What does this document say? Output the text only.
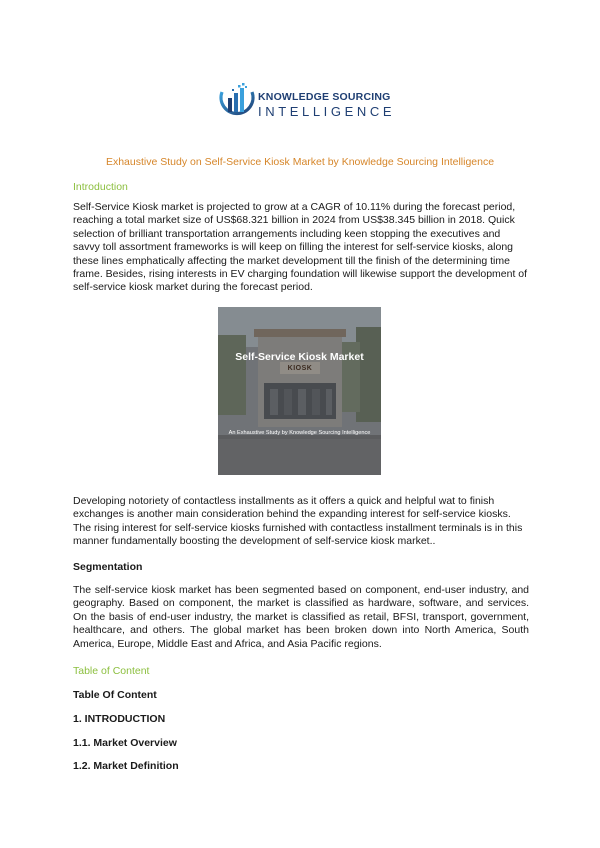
KNOWLEDGE SOURCING
INTELLIGENCE
Exhaustive Study on Self-Service Kiosk Market by Knowledge Sourcing Intelligence
Introduction

Self-Service Kiosk market is projected to grow at a CAGR of 10.11% during the forecast period, reaching a total market size of US$68.321 billion in 2024 from US$38.345 billion in 2018. Quick selection of brilliant transportation arrangements including keen stopping the executives and savvy toll assortment frameworks is will keep on filling the interest for self-service kiosks, along these lines emphatically affecting the market development till the finish of the determining time frame. Besides, rising interests in EV charging foundation will likewise support the development of self-service kiosk market during the forecast period.

Self-Service Kiosk Market
KIOSK
An Exhaustive Study by Knowledge Sourcing Intelligence

Developing notoriety of contactless installments as it offers a quick and helpful wat to finish exchanges is another main consideration behind the expanding interest for self-service kiosks. The rising interest for self-service kiosks furnished with contactless installment terminals is in this manner fundamentally boosting the development of self-service kiosk market..

Segmentation

The self-service kiosk market has been segmented based on component, end-user industry, and geography. Based on component, the market is classified as hardware, software, and services. On the basis of end-user industry, the market is classified as retail, BFSI, transport, government, healthcare, and others. The global market has been broken down into North America, South America, Europe, Middle East and Africa, and Asia Pacific regions.

Table of Content
Table Of Content
1. INTRODUCTION
1.1. Market Overview
1.2. Market Definition
